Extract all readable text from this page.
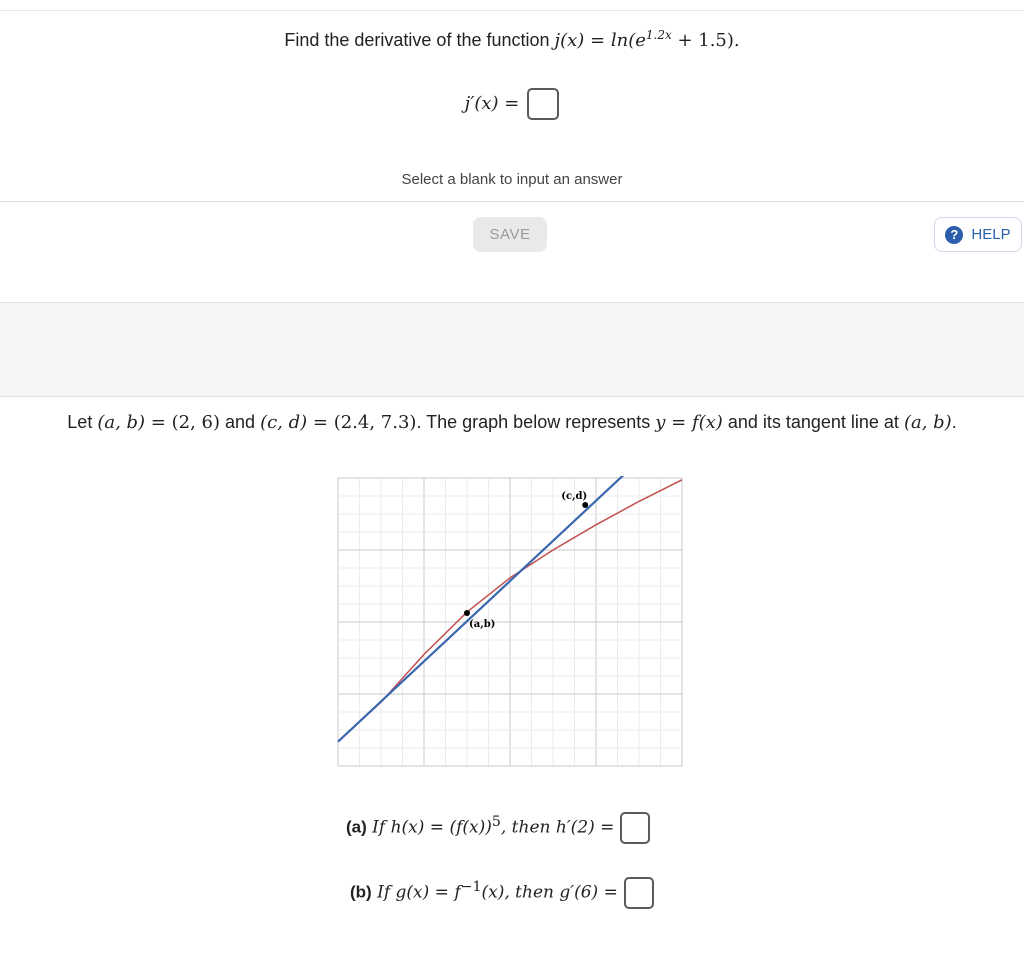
Find the derivative of the function $j(x) = \ln(e^{1.2x} + 1.5)$.
j′(x) =
Select a blank to input an answer
SAVE	? HELP
Let (a, b) = (2, 6) and (c, d) = (2.4, 7.3). The graph below represents y = f(x) and its tangent line at (a, b).
(a,b)
(c,d)
(a) If $h(x) = (f(x))^5$, then h′(2) =
(b) If $g(x) = f^{-1}(x)$, then g′(6) =
